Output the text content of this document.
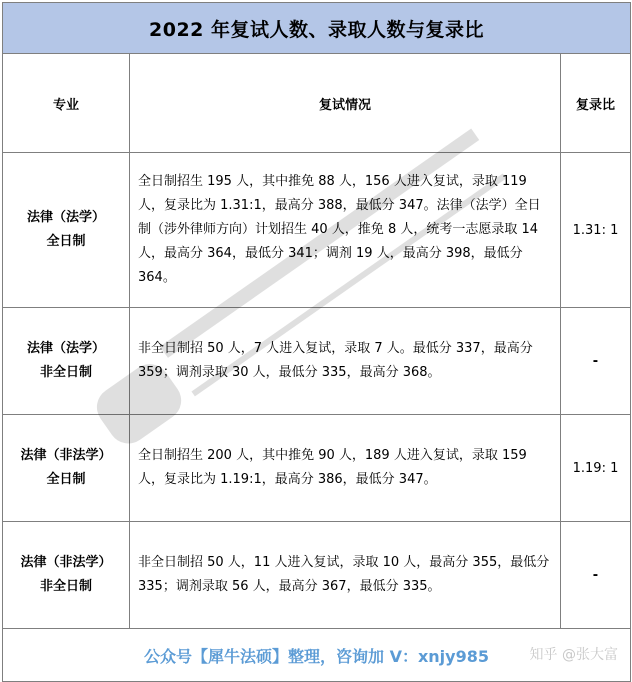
2022 年复试人数、录取人数与复录比		
专业	复试情况	复录比

法律（法学）
全日制	全日制招生 195 人，其中推免 88 人，156 人进入复试，录取 119 人，复录比为 1.31:1，最高分 388，最低分 347。法律（法学）全日制（涉外律师方向）计划招生 40 人，推免 8 人，统考一志愿录取 14 人，最高分 364，最低分 341；调剂 19 人，最高分 398，最低分 364。	1.31: 1

法律（法学）
非全日制	非全日制招 50 人，7 人进入复试，录取 7 人。最低分 337，最高分 359；调剂录取 30 人，最低分 335，最高分 368。	-

法律（非法学）
全日制	全日制招生 200 人，其中推免 90 人，189 人进入复试，录取 159 人，复录比为 1.19:1，最高分 386，最低分 347。	1.19: 1

法律（非法学）
非全日制	非全日制招 50 人，11 人进入复试，录取 10 人，最高分 355，最低分 335；调剂录取 56 人，最高分 367，最低分 335。	-
公众号【犀牛法硕】整理，咨询加 V：xnjy985 知乎 @张大富		
